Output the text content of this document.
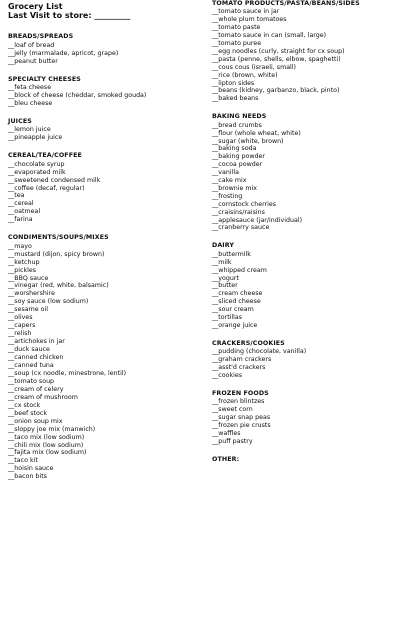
Grocery List
Last Visit to store: _________
BREADS/SPREADS
__loaf of bread
__jelly (marmalade, apricot, grape)
__peanut butter
SPECIALTY CHEESES
__feta cheese
__block of cheese (cheddar, smoked gouda)
__bleu cheese
JUICES
__lemon juice
__pineapple juice
CEREAL/TEA/COFFEE
__chocolate syrup
__evaporated milk
__sweetened condensed milk
__coffee (decaf, regular)
__tea
__cereal
__oatmeal
__farina
CONDIMENTS/SOUPS/MIXES
__mayo
__mustard (dijon, spicy brown)
__ketchup
__pickles
__BBQ sauce
__vinegar (red, white, balsamic)
__worshershire
__soy sauce (low sodium)
__sesame oil
__olives
__capers
__relish
__artichokes in jar
__duck sauce
__canned chicken
__canned tuna
__soup (cx noodle, minestrone, lentil)
__tomato soup
__cream of celery
__cream of mushroom
__cx stock
__beef stock
__onion soup mix
__sloppy joe mix (manwich)
__taco mix (low sodium)
__chili mix (low sodium)
__fajita mix (low sodium)
__taco kit
__hoisin sauce
__bacon bits
TOMATO PRODUCTS/PASTA/BEANS/SIDES
__tomato sauce in jar
__whole plum tomatoes
__tomato paste
__tomato sauce in can (small, large)
__tomato puree
__egg noodles (curly, straight for cx soup)
__pasta (penne, shells, elbow, spaghetti)
__cous cous (israeli, small)
__rice (brown, white)
__lipton sides
__beans (kidney, garbanzo, black, pinto)
__baked beans
BAKING NEEDS
__bread crumbs
__flour (whole wheat, white)
__sugar (white, brown)
__baking soda
__baking powder
__cocoa powder
__vanilla
__cake mix
__brownie mix
__frosting
__cornstock cherries
__craisins/raisins
__applesauce (jar/individual)
__cranberry sauce
DAIRY
__buttermilk
__milk
__whipped cream
__yogurt
__butter
__cream cheese
__sliced cheese
__sour cream
__tortillas
__orange juice
CRACKERS/COOKIES
__pudding (chocolate, vanilla)
__graham crackers
__asst'd crackers
__cookies
FROZEN FOODS
__frozen blintzes
__sweet corn
__sugar snap peas
__frozen pie crusts
__waffles
__puff pastry
OTHER:
